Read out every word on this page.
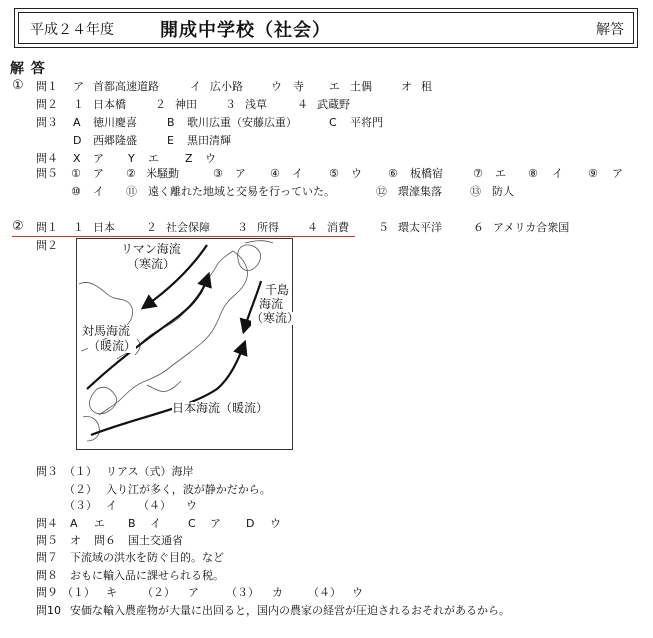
平成２４年度	開成中学校（社会）	解答
解 答
① 問１ ア 首都高速道路	イ 広小路	ウ 寺 エ 土偶	オ 租
問２ １ 日本橋	２ 神田	３ 浅草	４ 武蔵野
問３ A 徳川慶喜	B 歌川広重（安藤広重）	C 平将門
D 西郷隆盛	E 黒田清輝
問４ X ア Y エ Z ウ
問５ ① ア ② 米騒動	③ ア ④ イ ⑤ ウ ⑥ 板橋宿	⑦ エ ⑧ イ ⑨ ア
⑩ イ ⑪ 遠く離れた地域と交易を行っていた。	⑫ 環濠集落	⑬ 防人
② 問１ １ 日本	２ 社会保障 ３ 所得	４ 消費	５ 環太平洋	６ アメリカ合衆国
問２	リマン海流
（寒流）
千島
海流
（寒流）
対馬海流
（暖流）
日本海流（暖流）
問３ （１） リアス（式）海岸
（２） 入り江が多く，波が静かだから。
（３） イ （４） ウ
問４ A エ B イ C ア D ウ
問５ オ 問６ 国土交通省
問７ 下流域の洪水を防ぐ目的。など
問８ おもに輸入品に課せられる税。
問９ （１） キ （２） ア （３） カ （４） ウ
問10 安価な輸入農産物が大量に出回ると，国内の農家の経営が圧迫されるおそれがあるから。
